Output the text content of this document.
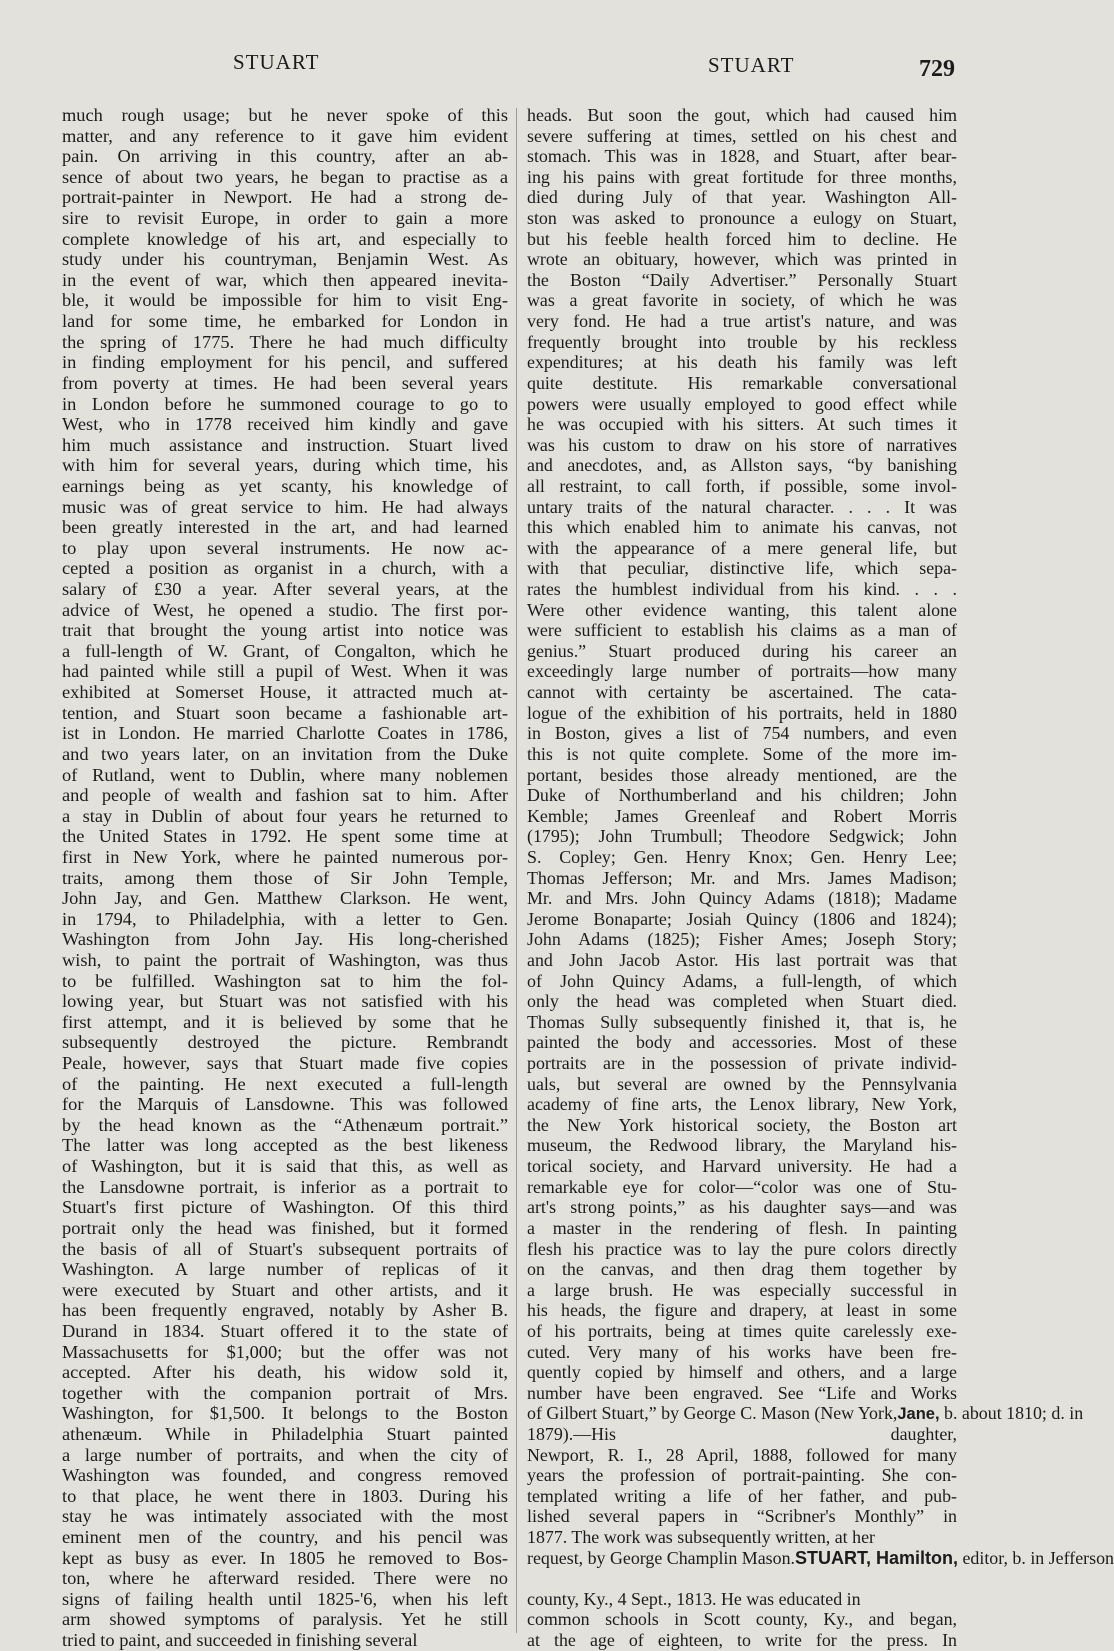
STUART	STUART	729
much rough usage; but he never spoke of this
matter, and any reference to it gave him evident
pain. On arriving in this country, after an ab-
sence of about two years, he began to practise as a
portrait-painter in Newport. He had a strong de-
sire to revisit Europe, in order to gain a more
complete knowledge of his art, and especially to
study under his countryman, Benjamin West. As
in the event of war, which then appeared inevita-
ble, it would be impossible for him to visit Eng-
land for some time, he embarked for London in
the spring of 1775. There he had much difficulty
in finding employment for his pencil, and suffered
from poverty at times. He had been several years
in London before he summoned courage to go to
West, who in 1778 received him kindly and gave
him much assistance and instruction. Stuart lived
with him for several years, during which time, his
earnings being as yet scanty, his knowledge of
music was of great service to him. He had always
been greatly interested in the art, and had learned
to play upon several instruments. He now ac-
cepted a position as organist in a church, with a
salary of £30 a year. After several years, at the
advice of West, he opened a studio. The first por-
trait that brought the young artist into notice was
a full-length of W. Grant, of Congalton, which he
had painted while still a pupil of West. When it was
exhibited at Somerset House, it attracted much at-
tention, and Stuart soon became a fashionable art-
ist in London. He married Charlotte Coates in 1786,
and two years later, on an invitation from the Duke
of Rutland, went to Dublin, where many noblemen
and people of wealth and fashion sat to him. After
a stay in Dublin of about four years he returned to
the United States in 1792. He spent some time at
first in New York, where he painted numerous por-
traits, among them those of Sir John Temple,
John Jay, and Gen. Matthew Clarkson. He went,
in 1794, to Philadelphia, with a letter to Gen.
Washington from John Jay. His long-cherished
wish, to paint the portrait of Washington, was thus
to be fulfilled. Washington sat to him the fol-
lowing year, but Stuart was not satisfied with his
first attempt, and it is believed by some that he
subsequently destroyed the picture. Rembrandt
Peale, however, says that Stuart made five copies
of the painting. He next executed a full-length
for the Marquis of Lansdowne. This was followed
by the head known as the “Athenæum portrait.”
The latter was long accepted as the best likeness
of Washington, but it is said that this, as well as
the Lansdowne portrait, is inferior as a portrait to
Stuart's first picture of Washington. Of this third
portrait only the head was finished, but it formed
the basis of all of Stuart's subsequent portraits of
Washington. A large number of replicas of it
were executed by Stuart and other artists, and it
has been frequently engraved, notably by Asher B.
Durand in 1834. Stuart offered it to the state of
Massachusetts for $1,000; but the offer was not
accepted. After his death, his widow sold it,
together with the companion portrait of Mrs.
Washington, for $1,500. It belongs to the Boston
athenæum. While in Philadelphia Stuart painted
a large number of portraits, and when the city of
Washington was founded, and congress removed
to that place, he went there in 1803. During his
stay he was intimately associated with the most
eminent men of the country, and his pencil was
kept as busy as ever. In 1805 he removed to Bos-
ton, where he afterward resided. There were no
signs of failing health until 1825-'6, when his left
arm showed symptoms of paralysis. Yet he still
tried to paint, and succeeded in finishing several
heads. But soon the gout, which had caused him
severe suffering at times, settled on his chest and
stomach. This was in 1828, and Stuart, after bear-
ing his pains with great fortitude for three months,
died during July of that year. Washington All-
ston was asked to pronounce a eulogy on Stuart,
but his feeble health forced him to decline. He
wrote an obituary, however, which was printed in
the Boston “Daily Advertiser.” Personally Stuart
was a great favorite in society, of which he was
very fond. He had a true artist's nature, and was
frequently brought into trouble by his reckless
expenditures; at his death his family was left
quite destitute. His remarkable conversational
powers were usually employed to good effect while
he was occupied with his sitters. At such times it
was his custom to draw on his store of narratives
and anecdotes, and, as Allston says, “by banishing
all restraint, to call forth, if possible, some invol-
untary traits of the natural character. . . . It was
this which enabled him to animate his canvas, not
with the appearance of a mere general life, but
with that peculiar, distinctive life, which sepa-
rates the humblest individual from his kind. . . .
Were other evidence wanting, this talent alone
were sufficient to establish his claims as a man of
genius.” Stuart produced during his career an
exceedingly large number of portraits—how many
cannot with certainty be ascertained. The cata-
logue of the exhibition of his portraits, held in 1880
in Boston, gives a list of 754 numbers, and even
this is not quite complete. Some of the more im-
portant, besides those already mentioned, are the
Duke of Northumberland and his children; John
Kemble; James Greenleaf and Robert Morris
(1795); John Trumbull; Theodore Sedgwick; John
S. Copley; Gen. Henry Knox; Gen. Henry Lee;
Thomas Jefferson; Mr. and Mrs. James Madison;
Mr. and Mrs. John Quincy Adams (1818); Madame
Jerome Bonaparte; Josiah Quincy (1806 and 1824);
John Adams (1825); Fisher Ames; Joseph Story;
and John Jacob Astor. His last portrait was that
of John Quincy Adams, a full-length, of which
only the head was completed when Stuart died.
Thomas Sully subsequently finished it, that is, he
painted the body and accessories. Most of these
portraits are in the possession of private individ-
uals, but several are owned by the Pennsylvania
academy of fine arts, the Lenox library, New York,
the New York historical society, the Boston art
museum, the Redwood library, the Maryland his-
torical society, and Harvard university. He had a
remarkable eye for color—“color was one of Stu-
art's strong points,” as his daughter says—and was
a master in the rendering of flesh. In painting
flesh his practice was to lay the pure colors directly
on the canvas, and then drag them together by
a large brush. He was especially successful in
his heads, the figure and drapery, at least in some
of his portraits, being at times quite carelessly exe-
cuted. Very many of his works have been fre-
quently copied by himself and others, and a large
number have been engraved. See “Life and Works
of Gilbert Stuart,” by George C. Mason (New York,Jane, b. about 1810; d. in
1879).—His daughter,
Newport, R. I., 28 April, 1888, followed for many
years the profession of portrait-painting. She con-
templated writing a life of her father, and pub-
lished several papers in “Scribner's Monthly” in
1877. The work was subsequently written, at her
request, by George Champlin Mason.STUART, Hamilton, editor, b. in Jefferson
county, Ky., 4 Sept., 1813. He was educated in
common schools in Scott county, Ky., and began,
at the age of eighteen, to write for the press. In
